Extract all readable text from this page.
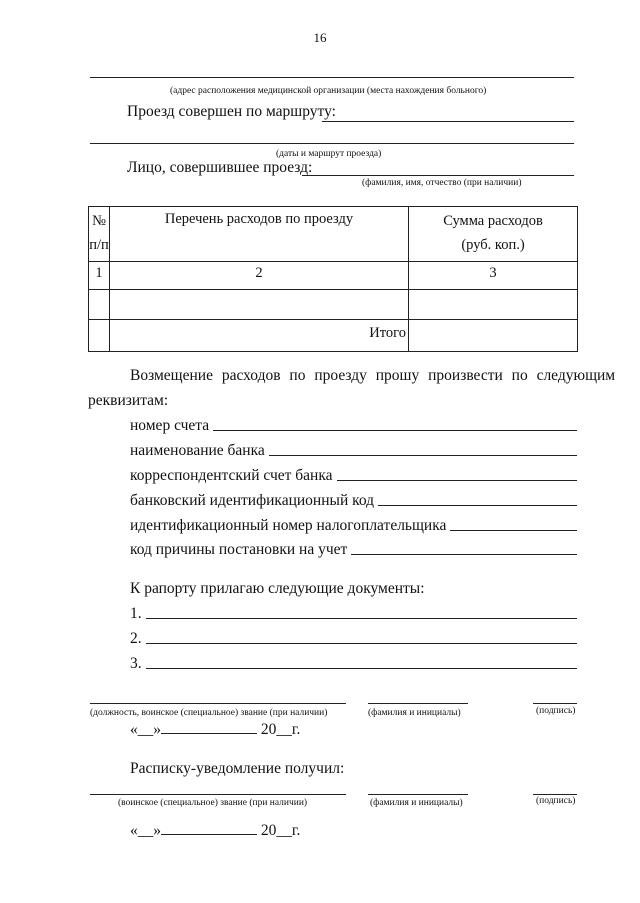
16
(адрес расположения медицинской организации (места нахождения больного)
Проезд совершен по маршруту:
(даты и маршрут проезда)
Лицо, совершившее проезд:
(фамилия, имя, отчество (при наличии)
№
п/п	Перечень расходов по проезду	Сумма расходов
(руб. коп.)

1	2	3

	Итого	
Возмещение расходов по проезду прошу произвести по следующим
реквизитам:
номер счета
наименование банка
корреспондентский счет банка
банковский идентификационный код
идентификационный номер налогоплательщика
код причины постановки на учет
К рапорту прилагаю следующие документы:
1.
2.
3.
(должность, воинское (специальное) звание (при наличии)	(фамилия и инициалы)	(подпись)
«__»	20__г.
Расписку-уведомление получил:
(воинское (специальное) звание (при наличии)	(фамилия и инициалы)	(подпись)
«__»	20__г.
